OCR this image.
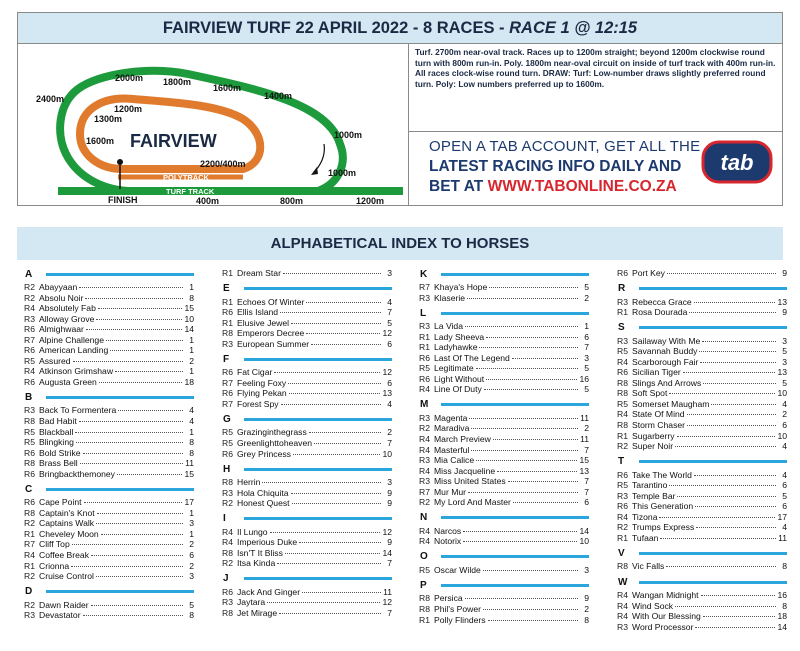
FAIRVIEW TURF 22 APRIL 2022 - 8 RACES - RACE 1 @ 12:15
2400m
2000m 1800m
1600m
1400m
1300m
1200m
1600m
1000m
1000m
400m	800m	1200m
2200/400m
FINISH
FAIRVIEW
POLYTRACK
TURF TRACK
Turf. 2700m near-oval track. Races up to 1200m straight; beyond 1200m clockwise round turn with 800m run-in. Poly. 1800m near-oval circuit on inside of turf track with 400m run-in. All races clock-wise round turn. DRAW: Turf: Low-number draws slightly preferred round turn. Poly: Low numbers preferred up to 1600m.
OPEN A TAB ACCOUNT, GET ALL THE
LATEST RACING INFO DAILY AND
BET AT WWW.TABONLINE.CO.ZA
tab
ALPHABETICAL INDEX TO HORSES
A
R2 Abayyaan	1
R2 Absolu Noir	8
R4 Absolutely Fab	15
R3 Alloway Grove	10
R6 Almighwaar	14
R7 Alpine Challenge	1
R6 American Landing	1
R5 Assured	2
R4 Atkinson Grimshaw	1
R6 Augusta Green	18
B
R3 Back To Formentera	4
R8 Bad Habit	4
R5 Blackball	1
R5 Blingking	8
R6 Bold Strike	8
R8 Brass Bell	11
R6 Bringbackthemoney	15
C
R6 Cape Point	17
R8 Captain's Knot	1
R2 Captains Walk	3
R1 Cheveley Moon	1
R7 Cliff Top	2
R4 Coffee Break	6
R1 Crionna	2
R2 Cruise Control	3
D
R2 Dawn Raider	5
R3 Devastator	8
R1 Dream Star	3
E
R1 Echoes Of Winter	4
R6 Ellis Island	7
R1 Elusive Jewel	5
R8 Emperors Decree	12
R3 European Summer	6
F
R6 Fat Cigar	12
R7 Feeling Foxy	6
R6 Flying Pekan	13
R7 Forest Spy	4
G
R5 Grazinginthegrass	2
R5 Greenlighttoheaven	7
R6 Grey Princess	10
H
R8 Herrin	3
R3 Hola Chiquita	9
R2 Honest Quest	9
I
R4 Il Lungo	12
R4 Imperious Duke	9
R8 Isn'T It Bliss	14
R2 Itsa Kinda	7
J
R6 Jack And Ginger	11
R3 Jaytara	12
R8 Jet Mirage	7
K
R7 Khaya's Hope	5
R3 Klaserie	2
L
R3 La Vida	1
R1 Lady Sheeva	6
R1 Ladyhawke	7
R6 Last Of The Legend	3
R5 Legitimate	5
R6 Light Without	16
R4 Line Of Duty	5
M
R3 Magenta	11
R2 Maradiva	2
R4 March Preview	11
R4 Masterful	7
R3 Mia Calice	15
R4 Miss Jacqueline	13
R3 Miss United States	7
R7 Mur Mur	7
R2 My Lord And Master	6
N
R4 Narcos	14
R4 Notorix	10
O
R5 Oscar Wilde	3
P
R8 Persica	9
R8 Phil's Power	2
R1 Polly Flinders	8
R6 Port Key	9
R
R3 Rebecca Grace	13
R1 Rosa Dourada	9
S
R3 Sailaway With Me	3
R5 Savannah Buddy	5
R4 Scarborough Fair	3
R6 Sicilian Tiger	13
R8 Slings And Arrows	5
R8 Soft Spot	10
R5 Somerset Maugham	4
R4 State Of Mind	2
R8 Storm Chaser	6
R1 Sugarberry	10
R2 Super Noir	4
T
R6 Take The World	4
R5 Tarantino	6
R3 Temple Bar	5
R6 This Generation	6
R4 Tizona	17
R2 Trumps Express	4
R1 Tufaan	11
V
R8 Vic Falls	8
W
R4 Wangan Midnight	16
R4 Wind Sock	8
R4 With Our Blessing	18
R3 Word Processor	14
